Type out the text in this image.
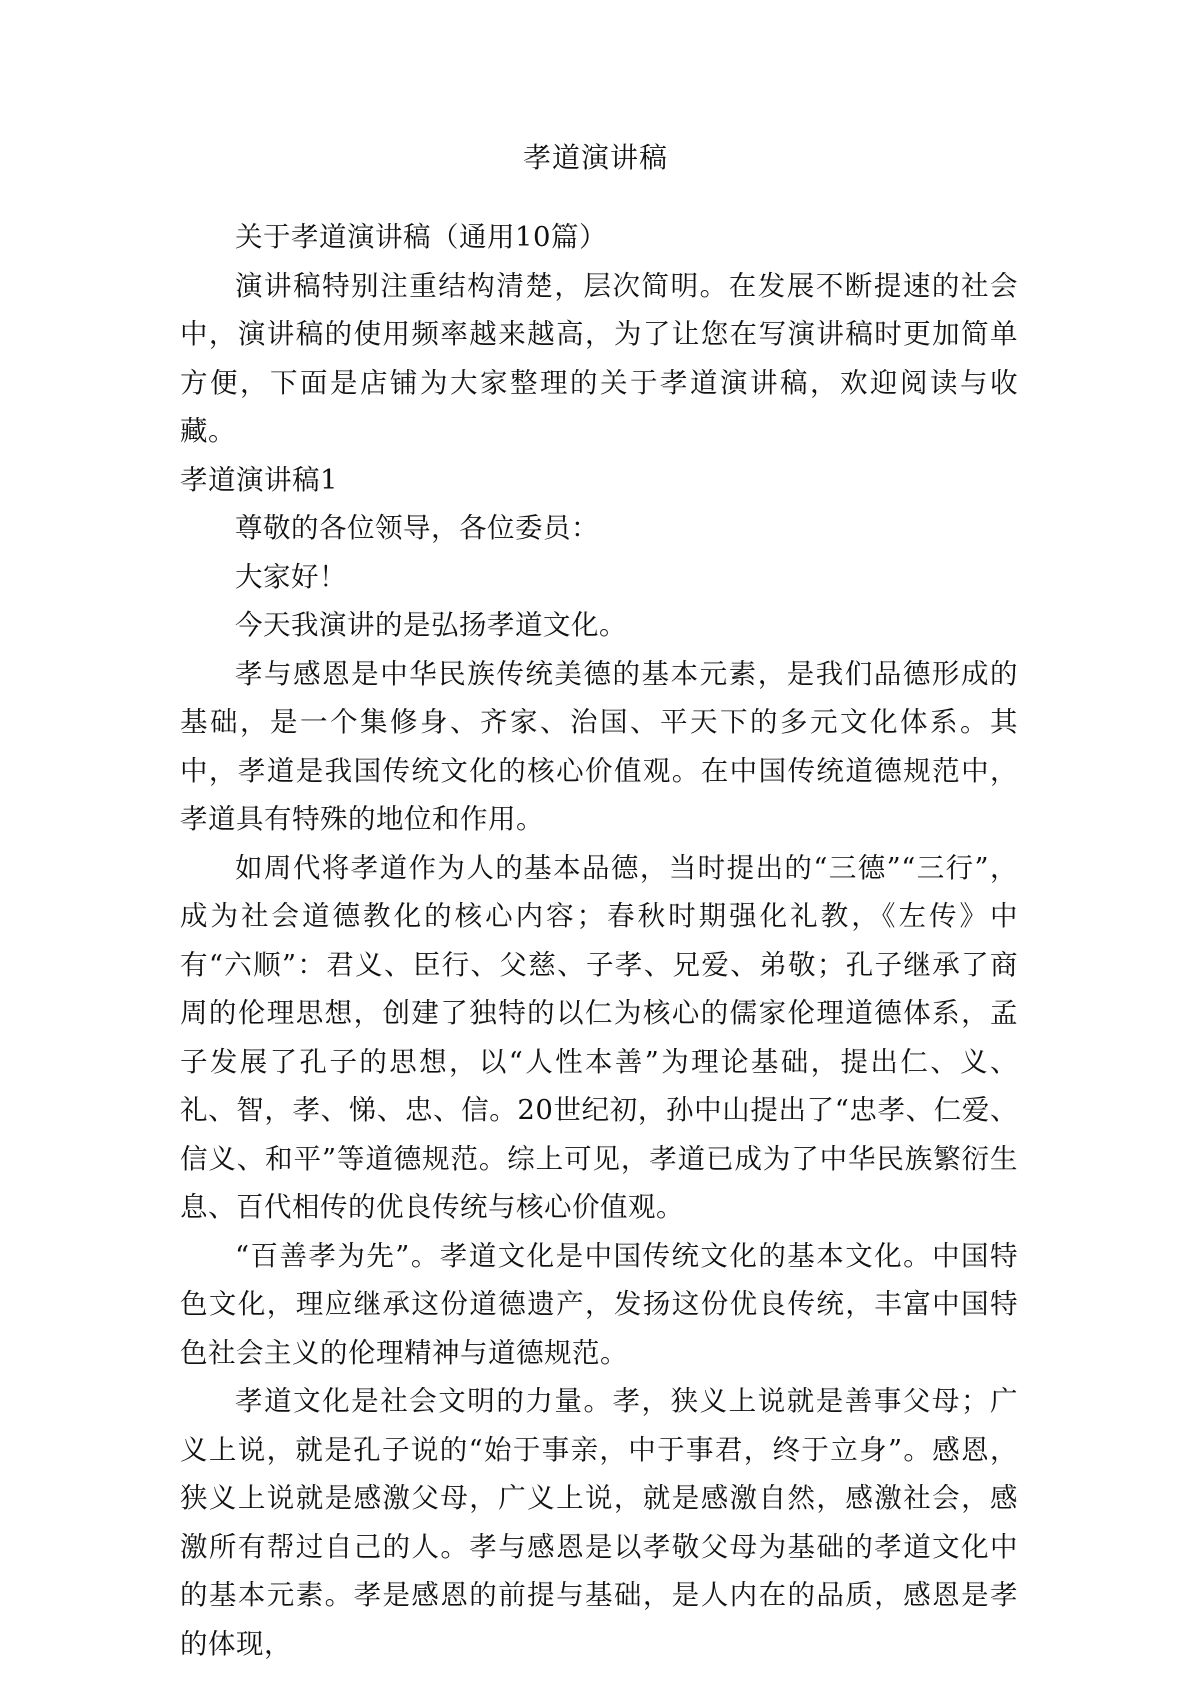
孝道演讲稿

关于孝道演讲稿（通用10篇）

演讲稿特别注重结构清楚，层次简明。在发展不断提速的社会中，演讲稿的使用频率越来越高，为了让您在写演讲稿时更加简单方便，下面是店铺为大家整理的关于孝道演讲稿，欢迎阅读与收藏。

孝道演讲稿1

尊敬的各位领导，各位委员：

大家好！

今天我演讲的是弘扬孝道文化。

孝与感恩是中华民族传统美德的基本元素，是我们品德形成的基础，是一个集修身、齐家、治国、平天下的多元文化体系。其中，孝道是我国传统文化的核心价值观。在中国传统道德规范中，孝道具有特殊的地位和作用。

如周代将孝道作为人的基本品德，当时提出的“三德”“三行”，成为社会道德教化的核心内容；春秋时期强化礼教，《左传》中有“六顺”：君义、臣行、父慈、子孝、兄爱、弟敬；孔子继承了商周的伦理思想，创建了独特的以仁为核心的儒家伦理道德体系，孟子发展了孔子的思想，以“人性本善”为理论基础，提出仁、义、礼、智，孝、悌、忠、信。20世纪初，孙中山提出了“忠孝、仁爱、信义、和平”等道德规范。综上可见，孝道已成为了中华民族繁衍生息、百代相传的优良传统与核心价值观。

“百善孝为先”。孝道文化是中国传统文化的基本文化。中国特色文化，理应继承这份道德遗产，发扬这份优良传统，丰富中国特色社会主义的伦理精神与道德规范。

孝道文化是社会文明的力量。孝，狭义上说就是善事父母；广义上说，就是孔子说的“始于事亲，中于事君，终于立身”。感恩，狭义上说就是感激父母，广义上说，就是感激自然，感激社会，感激所有帮过自己的人。孝与感恩是以孝敬父母为基础的孝道文化中的基本元素。孝是感恩的前提与基础，是人内在的品质，感恩是孝的体现，
